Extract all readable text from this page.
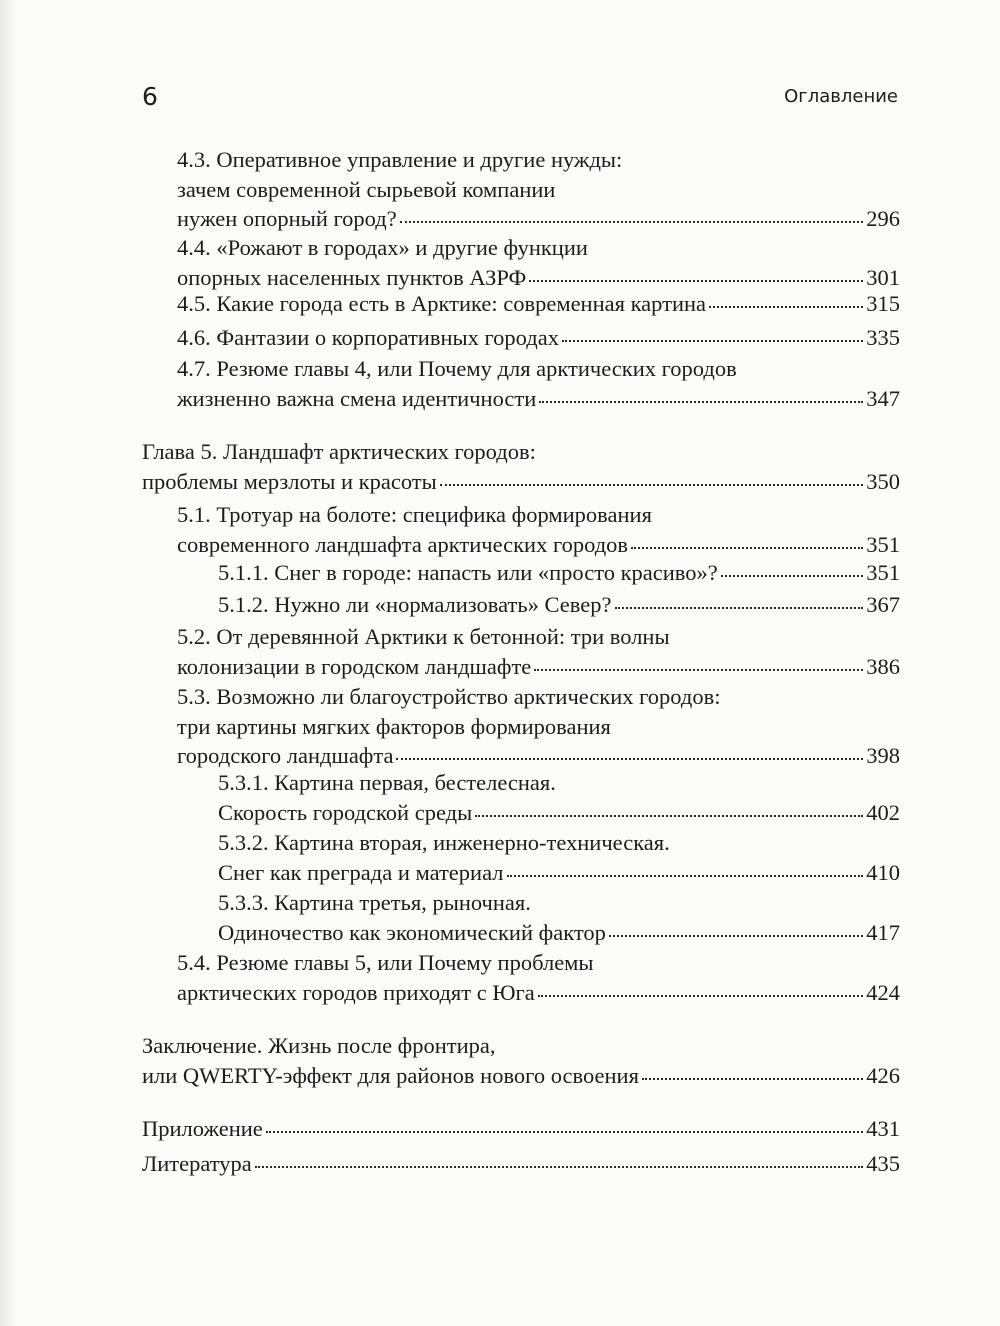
6	Оглавление
4.3. Оперативное управление и другие нужды:
зачем современной сырьевой компании
нужен опорный город?	296
4.4. «Рожают в городах» и другие функции
опорных населенных пунктов АЗРФ	301
4.5. Какие города есть в Арктике: современная картина	315
4.6. Фантазии о корпоративных городах	335
4.7. Резюме главы 4, или Почему для арктических городов
жизненно важна смена идентичности	347
Глава 5. Ландшафт арктических городов:
проблемы мерзлоты и красоты	350
5.1. Тротуар на болоте: специфика формирования
современного ландшафта арктических городов	351
5.1.1. Снег в городе: напасть или «просто красиво»?	351
5.1.2. Нужно ли «нормализовать» Север?	367
5.2. От деревянной Арктики к бетонной: три волны
колонизации в городском ландшафте	386
5.3. Возможно ли благоустройство арктических городов:
три картины мягких факторов формирования
городского ландшафта	398
5.3.1. Картина первая, бестелесная.
Скорость городской среды	402
5.3.2. Картина вторая, инженерно-техническая.
Снег как преграда и материал	410
5.3.3. Картина третья, рыночная.
Одиночество как экономический фактор	417
5.4. Резюме главы 5, или Почему проблемы
арктических городов приходят с Юга	424
Заключение. Жизнь после фронтира,
или QWERTY-эффект для районов нового освоения	426
Приложение	431
Литература	435
